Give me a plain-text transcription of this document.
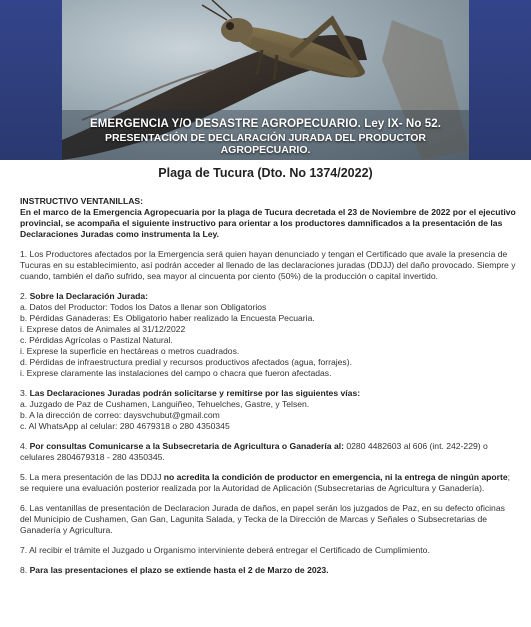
EMERGENCIA Y/O DESASTRE AGROPECUARIO. Ley IX- No 52.
PRESENTACIÓN DE DECLARACIÓN JURADA DEL PRODUCTOR AGROPECUARIO.
Plaga de Tucura (Dto. No 1374/2022)
INSTRUCTIVO VENTANILLAS:
En el marco de la Emergencia Agropecuaria por la plaga de Tucura decretada el 23 de Noviembre de 2022 por el ejecutivo provincial, se acompaña el siguiente instructivo para orientar a los productores damnificados a la presentación de las Declaraciones Juradas como instrumenta la Ley.
1. Los Productores afectados por la Emergencia será quien hayan denunciado y tengan el Certificado que avale la presencia de Tucuras en su establecimiento, así podrán acceder al llenado de las declaraciones juradas (DDJJ) del daño provocado. Siempre y cuando, también el daño sufrido, sea mayor al cincuenta por ciento (50%) de la producción o capital invertido.
2. Sobre la Declaración Jurada:
a. Datos del Productor: Todos los Datos a llenar son Obligatorios
b. Pérdidas Ganaderas: Es Obligatorio haber realizado la Encuesta Pecuaria.
i. Exprese datos de Animales al 31/12/2022
c. Pérdidas Agrícolas o Pastizal Natural.
i. Exprese la superficie en hectáreas o metros cuadrados.
d. Pérdidas de infraestructura predial y recursos productivos afectados (agua, forrajes).
i. Exprese claramente las instalaciones del campo o chacra que fueron afectadas.
3. Las Declaraciones Juradas podrán solicitarse y remitirse por las siguientes vías:
a. Juzgado de Paz de Cushamen, Languiñeo, Tehuelches, Gastre, y Telsen.
b. A la dirección de correo: daysvchubut@gmail.com
c. Al WhatsApp al celular: 280 4679318 o 280 4350345
4. Por consultas Comunicarse a la Subsecretaria de Agricultura o Ganadería al: 0280 4482603 al 606 (int. 242-229) o celulares 2804679318 - 280 4350345.
5. La mera presentación de las DDJJ no acredita la condición de productor en emergencia, ni la entrega de ningún aporte; se requiere una evaluación posterior realizada por la Autoridad de Aplicación (Subsecretarias de Agricultura y Ganadería).
6. Las ventanillas de presentación de Declaracion Jurada de daños, en papel serán los juzgados de Paz, en su defecto oficinas del Municipio de Cushamen, Gan Gan, Lagunita Salada, y Tecka de la Dirección de Marcas y Señales o Subsecretarias de Ganadería y Agricultura.
7. Al recibir el trámite el Juzgado u Organismo interviniente deberá entregar el Certificado de Cumplimiento.
8. Para las presentaciones el plazo se extiende hasta el 2 de Marzo de 2023.
